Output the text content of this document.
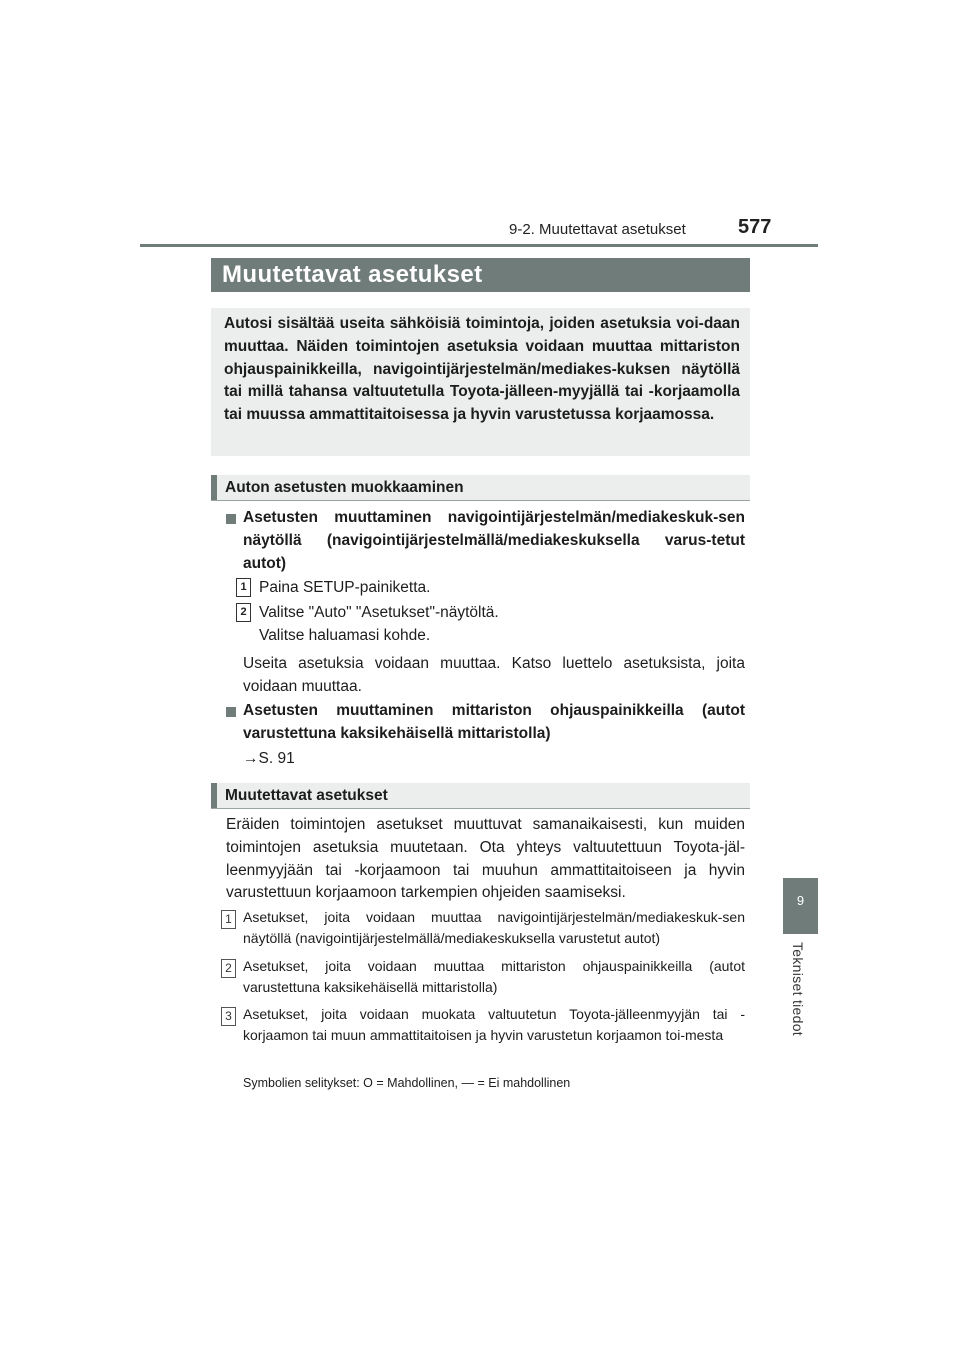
9-2. Muutettavat asetukset	577
9
Tekniset tiedot
Muutettavat asetukset
Autosi sisältää useita sähköisiä toimintoja, joiden asetuksia voi-daan muuttaa. Näiden toimintojen asetuksia voidaan muuttaa mittariston ohjauspainikkeilla, navigointijärjestelmän/mediakes-kuksen näytöllä tai millä tahansa valtuutetulla Toyota-jälleen-myyjällä tai -korjaamolla tai muussa ammattitaitoisessa ja hyvin varustetussa korjaamossa.
Auton asetusten muokkaaminen
Asetusten muuttaminen navigointijärjestelmän/mediakeskuk-sen näytöllä (navigointijärjestelmällä/mediakeskuksella varus-tetut autot)
1 Paina SETUP-painiketta.
2 Valitse "Auto" "Asetukset"-näytöltä.
Valitse haluamasi kohde.
Useita asetuksia voidaan muuttaa. Katso luettelo asetuksista, joita voidaan muuttaa.
Asetusten muuttaminen mittariston ohjauspainikkeilla (autot varustettuna kaksikehäisellä mittaristolla)
→S. 91
Muutettavat asetukset
Eräiden toimintojen asetukset muuttuvat samanaikaisesti, kun muiden toimintojen asetuksia muutetaan. Ota yhteys valtuutettuun Toyota-jäl-leenmyyjään tai -korjaamoon tai muuhun ammattitaitoiseen ja hyvin varustettuun korjaamoon tarkempien ohjeiden saamiseksi.
1 Asetukset, joita voidaan muuttaa navigointijärjestelmän/mediakeskuk-sen näytöllä (navigointijärjestelmällä/mediakeskuksella varustetut autot)
2 Asetukset, joita voidaan muuttaa mittariston ohjauspainikkeilla (autot varustettuna kaksikehäisellä mittaristolla)
3 Asetukset, joita voidaan muokata valtuutetun Toyota-jälleenmyyjän tai -korjaamon tai muun ammattitaitoisen ja hyvin varustetun korjaamon toi-mesta
Symbolien selitykset: O = Mahdollinen, — = Ei mahdollinen
